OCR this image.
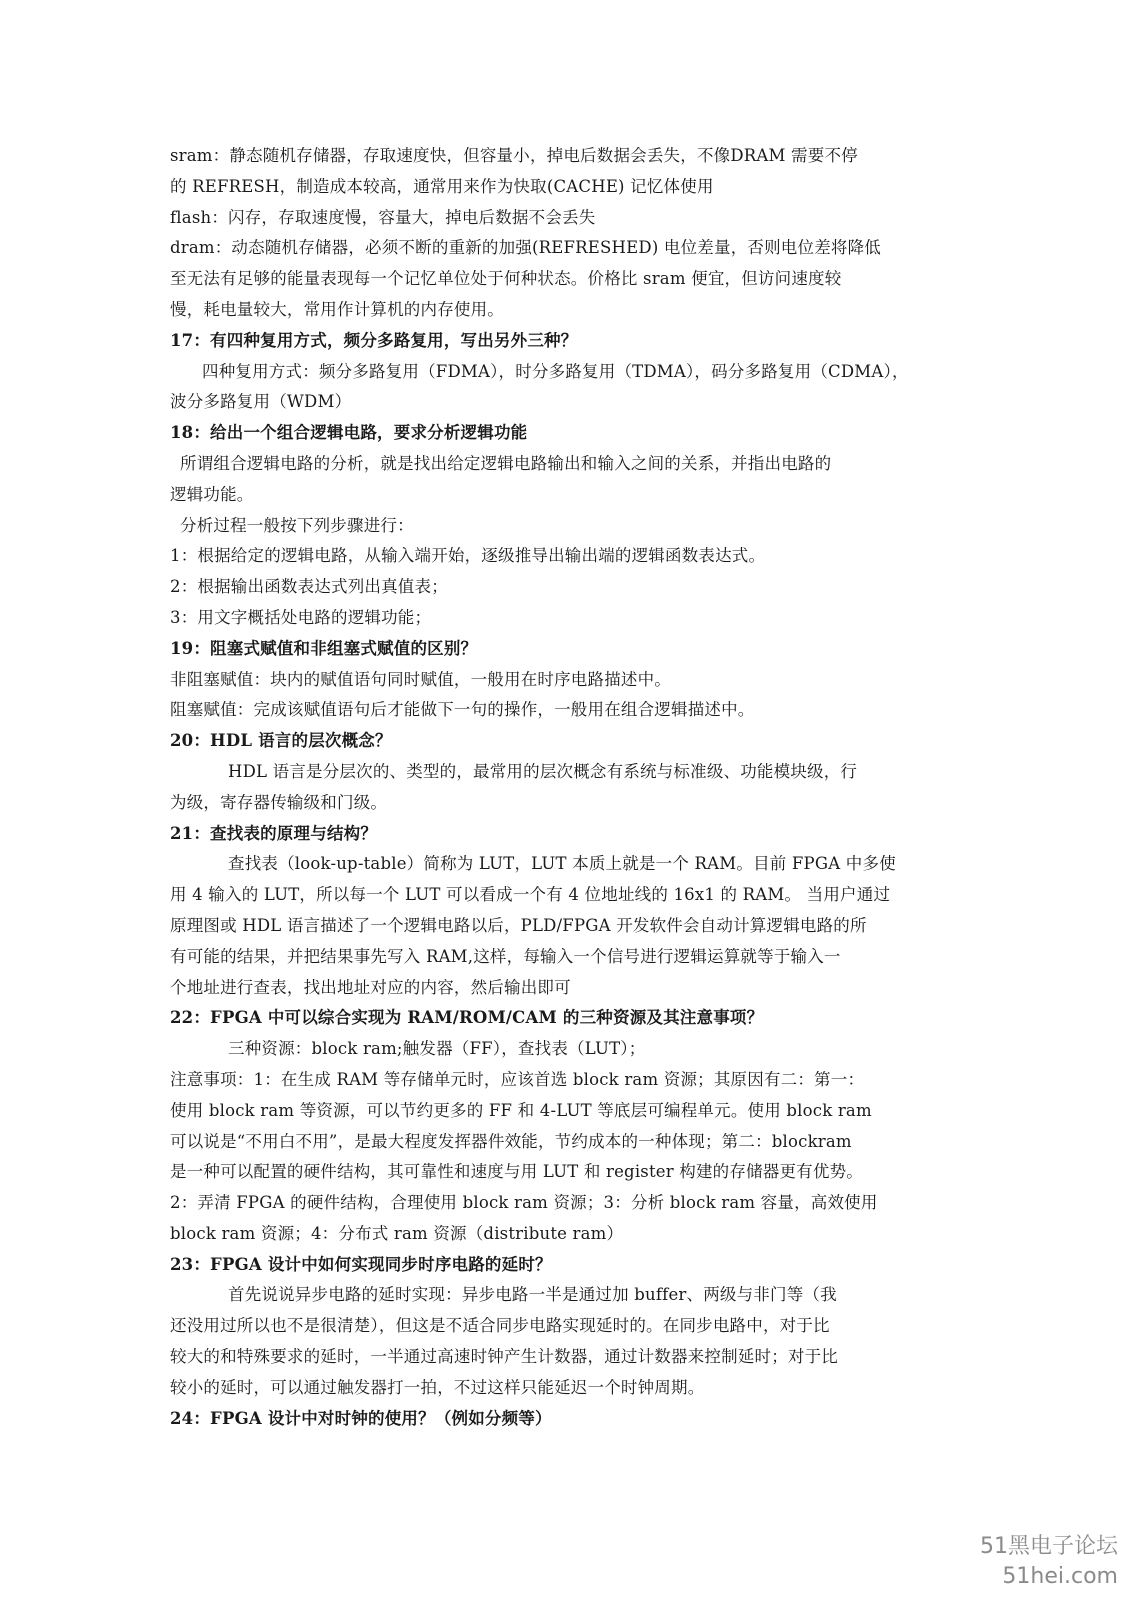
sram：静态随机存储器，存取速度快，但容量小，掉电后数据会丢失，不像DRAM 需要不停
的 REFRESH，制造成本较高，通常用来作为快取(CACHE) 记忆体使用
flash：闪存，存取速度慢，容量大，掉电后数据不会丢失
dram：动态随机存储器，必须不断的重新的加强(REFRESHED) 电位差量，否则电位差将降低
至无法有足够的能量表现每一个记忆单位处于何种状态。价格比 sram 便宜，但访问速度较
慢，耗电量较大，常用作计算机的内存使用。
17：有四种复用方式，频分多路复用，写出另外三种？
四种复用方式：频分多路复用（FDMA），时分多路复用（TDMA），码分多路复用（CDMA），
波分多路复用（WDM）
18：给出一个组合逻辑电路，要求分析逻辑功能
所谓组合逻辑电路的分析，就是找出给定逻辑电路输出和输入之间的关系，并指出电路的
逻辑功能。
分析过程一般按下列步骤进行：
1：根据给定的逻辑电路，从输入端开始，逐级推导出输出端的逻辑函数表达式。
2：根据输出函数表达式列出真值表；
3：用文字概括处电路的逻辑功能；
19：阻塞式赋值和非组塞式赋值的区别？
非阻塞赋值：块内的赋值语句同时赋值，一般用在时序电路描述中。
阻塞赋值：完成该赋值语句后才能做下一句的操作，一般用在组合逻辑描述中。
20：HDL 语言的层次概念？
HDL 语言是分层次的、类型的，最常用的层次概念有系统与标准级、功能模块级，行
为级，寄存器传输级和门级。
21：查找表的原理与结构？
查找表（look-up-table）简称为 LUT，LUT 本质上就是一个 RAM。目前 FPGA 中多使
用 4 输入的 LUT，所以每一个 LUT 可以看成一个有 4 位地址线的 16x1 的 RAM。 当用户通过
原理图或 HDL 语言描述了一个逻辑电路以后，PLD/FPGA 开发软件会自动计算逻辑电路的所
有可能的结果，并把结果事先写入 RAM,这样，每输入一个信号进行逻辑运算就等于输入一
个地址进行查表，找出地址对应的内容，然后输出即可
22：FPGA 中可以综合实现为 RAM/ROM/CAM 的三种资源及其注意事项？
三种资源：block ram;触发器（FF），查找表（LUT）；
注意事项：1：在生成 RAM 等存储单元时，应该首选 block ram 资源；其原因有二：第一：
使用 block ram 等资源，可以节约更多的 FF 和 4-LUT 等底层可编程单元。使用 block ram
可以说是“不用白不用”，是最大程度发挥器件效能，节约成本的一种体现；第二：blockram
是一种可以配置的硬件结构，其可靠性和速度与用 LUT 和 register 构建的存储器更有优势。
2：弄清 FPGA 的硬件结构，合理使用 block ram 资源；3：分析 block ram 容量，高效使用
block ram 资源；4：分布式 ram 资源（distribute ram）
23：FPGA 设计中如何实现同步时序电路的延时？
首先说说异步电路的延时实现：异步电路一半是通过加 buffer、两级与非门等（我
还没用过所以也不是很清楚），但这是不适合同步电路实现延时的。在同步电路中，对于比
较大的和特殊要求的延时，一半通过高速时钟产生计数器，通过计数器来控制延时；对于比
较小的延时，可以通过触发器打一拍，不过这样只能延迟一个时钟周期。
24：FPGA 设计中对时钟的使用？（例如分频等）
51黑电子论坛
51hei.com
